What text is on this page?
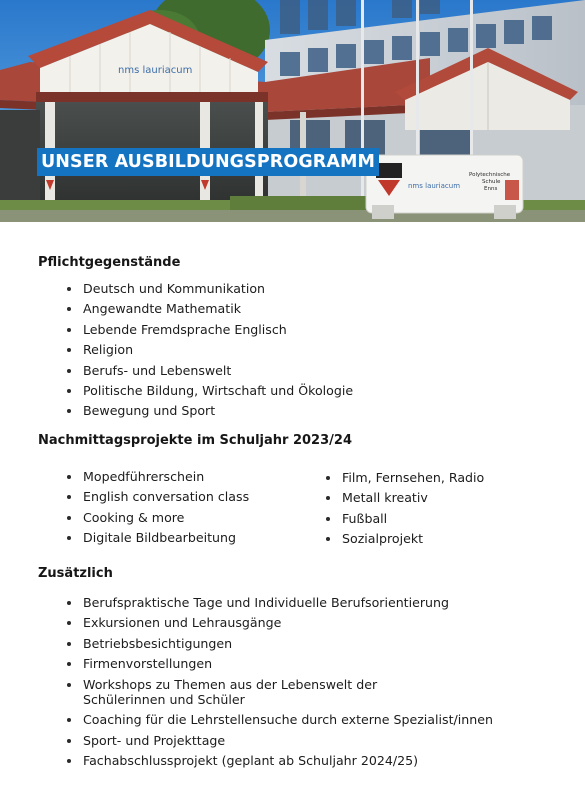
nms lauriacum
nms lauriacum
Polytechnische
Schule
Enns
UNSER AUSBILDUNGSPROGRAMM
Pflichtgegenstände
Deutsch und Kommunikation
Angewandte Mathematik
Lebende Fremdsprache Englisch
Religion
Berufs- und Lebenswelt
Politische Bildung, Wirtschaft und Ökologie
Bewegung und Sport
Nachmittagsprojekte im Schuljahr 2023/24
Mopedführerschein
English conversation class
Cooking & more
Digitale Bildbearbeitung
Film, Fernsehen, Radio
Metall kreativ
Fußball
Sozialprojekt
Zusätzlich
Berufspraktische Tage und Individuelle Berufsorientierung
Exkursionen und Lehrausgänge
Betriebsbesichtigungen
Firmenvorstellungen
Workshops zu Themen aus der Lebenswelt der
Schülerinnen und Schüler
Coaching für die Lehrstellensuche durch externe Spezialist/innen
Sport- und Projekttage
Fachabschlussprojekt (geplant ab Schuljahr 2024/25)
